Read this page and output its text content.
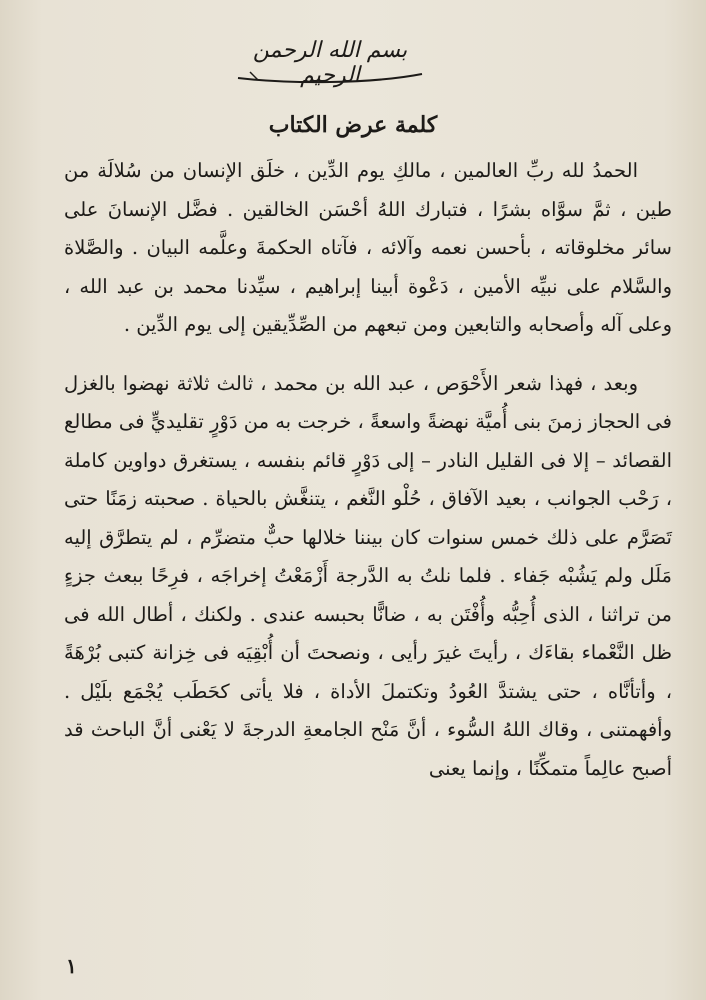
بسم الله الرحمن الرحيم
كلمة عرض الكتاب

الحمدُ لله ربِّ العالمين ، مالكِ يوم الدِّين ، خلَق الإنسان من سُلالَة من طين ، ثمَّ سوَّاه بشرًا ، فتبارك اللهُ أحْسَن الخالقين . فضَّل الإنسانَ على سائر مخلوقاته ، بأحسن نعمه وآلائه ، فآتاه الحكمةَ وعلَّمه البيان . والصَّلاة والسَّلام على نبيِّه الأمين ، دَعْوة أبينا إبراهيم ، سيِّدنا محمد بن عبد الله ، وعلى آله وأصحابه والتابعين ومن تبعهم من الصِّدِّيقين إلى يوم الدِّين .

وبعد ، فهذا شعر الأَحْوَص ، عبد الله بن محمد ، ثالث ثلاثة نهضوا بالغزل فى الحجاز زمنَ بنى أُميَّة نهضةً واسعةً ، خرجت به من دَوْرٍ تقليديٍّ فى مطالع القصائد – إلا فى القليل النادر – إلى دَوْرٍ قائم بنفسه ، يستغرق دواوين كاملة ، رَحْب الجوانب ، بعيد الآفاق ، حُلْو النَّغم ، يتنغَّش بالحياة . صحبته زمَنًا حتى تَصَرَّم على ذلك خمس سنوات كان بيننا خلالها حبٌّ متضرِّم ، لم يتطرَّق إليه مَلَل ولم يَشُبْه جَفاء . فلما نلتُ به الدَّرجة أَزْمَعْتُ إخراجَه ، فرِحًا ببعث جزءٍ من تراثنا ، الذى أُحِبُّه وأُفْتَن به ، ضانًّا بحبسه عندى . ولكنك ، أطال الله فى ظل النَّعْماء بقاءَك ، رأيتَ غيرَ رأيى ، ونصحتَ أن أُبْقِيَه فى خِزانة كتبى بُرْهَةً ، وأتأنَّاه ، حتى يشتدَّ العُودُ وتكتملَ الأداة ، فلا يأتى كحَطَب يُجْمَع بلَيْل . وأفهمتنى ، وقاك اللهُ السُّوء ، أنَّ مَنْح الجامعةِ الدرجةَ لا يَعْنى أنَّ الباحث قد أصبح عالِماً متمكِّنًا ، وإنما يعنى

١
